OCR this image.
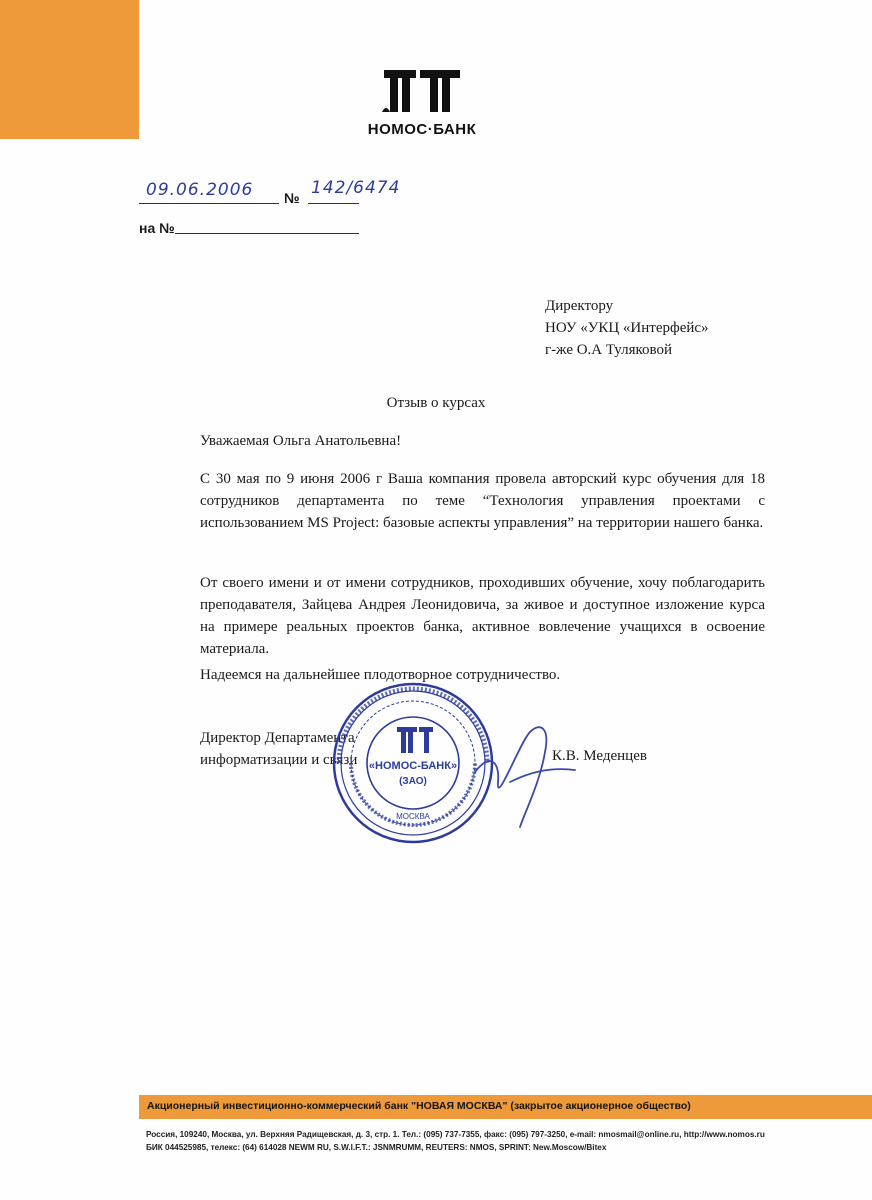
НОМОС·БАНК
09.06.2006 № 142/6474
на №
Директору
НОУ «УКЦ «Интерфейс»
г-же О.А Туляковой
Отзыв о курсах
Уважаемая Ольга Анатольевна!

С 30 мая по 9 июня 2006 г Ваша компания провела авторский курс обучения для 18 сотрудников департамента по теме “Технология управления проектами с использованием MS Project: базовые аспекты управления” на территории нашего банка.

От своего имени и от имени сотрудников, проходивших обучение, хочу поблагодарить преподавателя, Зайцева Андрея Леонидовича, за живое и доступное изложение курса на примере реальных проектов банка, активное вовлечение учащихся в освоение материала.

Надеемся на дальнейшее плодотворное сотрудничество.
Директор Департамента
информатизации и связи	К.В. Меденцев
«НОМОС-БАНК»
(ЗАО)
МОСКВА
Акционерный инвестиционно-коммерческий банк "НОВАЯ МОСКВА" (закрытое акционерное общество)
Россия, 109240, Москва, ул. Верхняя Радищевская, д. 3, стр. 1. Тел.: (095) 737-7355, факс: (095) 797-3250, e-mail: nmosmail@online.ru, http://www.nomos.ru
БИК 044525985, телекс: (64) 614028 NEWM RU, S.W.I.F.T.: JSNMRUMM, REUTERS: NMOS, SPRINT: New.Moscow/Bitex
